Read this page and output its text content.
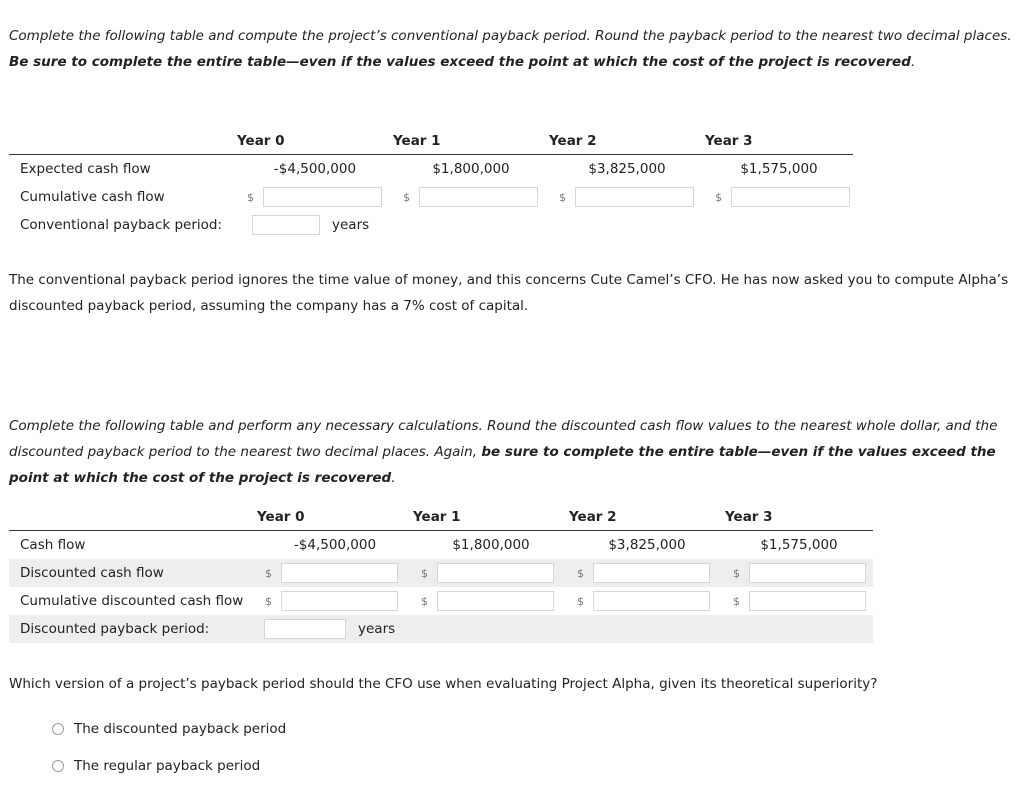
Complete the following table and compute the project’s conventional payback period. Round the payback period to the nearest two decimal places. Be sure to complete the entire table—even if the values exceed the point at which the cost of the project is recovered.

	Year 0	Year 1	Year 2	Year 3
Expected cash flow	-$4,500,000	$1,800,000	$3,825,000	$1,575,000
Cumulative cash flow	$	$	$	$

Conventional payback period:	years			

The conventional payback period ignores the time value of money, and this concerns Cute Camel’s CFO. He has now asked you to compute Alpha’s discounted payback period, assuming the company has a 7% cost of capital.

Complete the following table and perform any necessary calculations. Round the discounted cash flow values to the nearest whole dollar, and the discounted payback period to the nearest two decimal places. Again, be sure to complete the entire table—even if the values exceed the point at which the cost of the project is recovered.

	Year 0	Year 1	Year 2	Year 3
Cash flow	-$4,500,000	$1,800,000	$3,825,000	$1,575,000
Discounted cash flow	$	$	$	$

Cumulative discounted cash flow	$	$	$	$

Discounted payback period:	years			

Which version of a project’s payback period should the CFO use when evaluating Project Alpha, given its theoretical superiority?

The discounted payback period
The regular payback period
